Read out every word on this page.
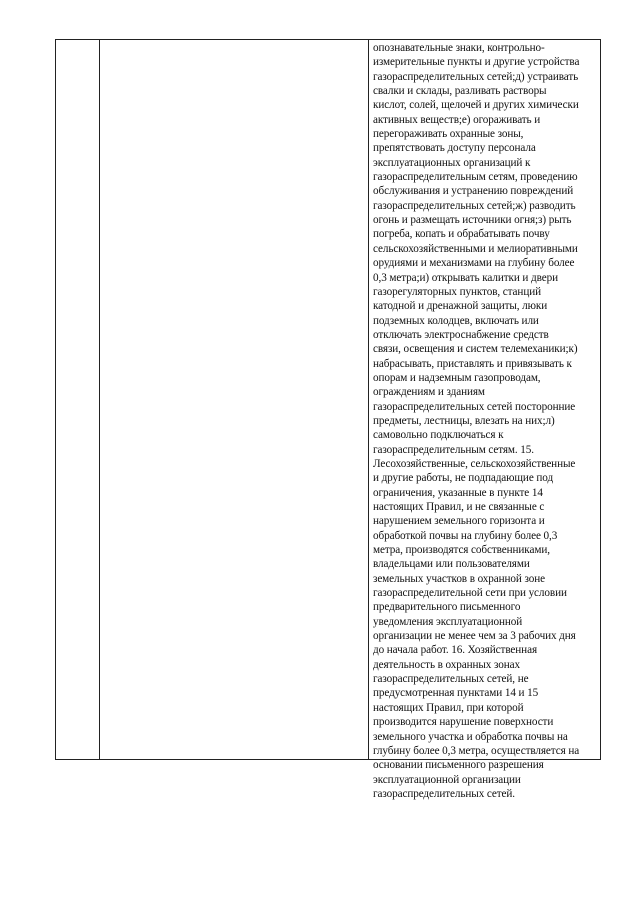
опознавательные знаки, контрольно-
измерительные пункты и другие устройства
газораспределительных сетей;д) устраивать
свалки и склады, разливать растворы
кислот, солей, щелочей и других химически
активных веществ;е) огораживать и
перегораживать охранные зоны,
препятствовать доступу персонала
эксплуатационных организаций к
газораспределительным сетям, проведению
обслуживания и устранению повреждений
газораспределительных сетей;ж) разводить
огонь и размещать источники огня;з) рыть
погреба, копать и обрабатывать почву
сельскохозяйственными и мелиоративными
орудиями и механизмами на глубину более
0,3 метра;и) открывать калитки и двери
газорегуляторных пунктов, станций
катодной и дренажной защиты, люки
подземных колодцев, включать или
отключать электроснабжение средств
связи, освещения и систем телемеханики;к)
набрасывать, приставлять и привязывать к
опорам и надземным газопроводам,
ограждениям и зданиям
газораспределительных сетей посторонние
предметы, лестницы, влезать на них;л)
самовольно подключаться к
газораспределительным сетям. 15.
Лесохозяйственные, сельскохозяйственные
и другие работы, не подпадающие под
ограничения, указанные в пункте 14
настоящих Правил, и не связанные с
нарушением земельного горизонта и
обработкой почвы на глубину более 0,3
метра, производятся собственниками,
владельцами или пользователями
земельных участков в охранной зоне
газораспределительной сети при условии
предварительного письменного
уведомления эксплуатационной
организации не менее чем за 3 рабочих дня
до начала работ. 16. Хозяйственная
деятельность в охранных зонах
газораспределительных сетей, не
предусмотренная пунктами 14 и 15
настоящих Правил, при которой
производится нарушение поверхности
земельного участка и обработка почвы на
глубину более 0,3 метра, осуществляется на
основании письменного разрешения
эксплуатационной организации
газораспределительных сетей.
